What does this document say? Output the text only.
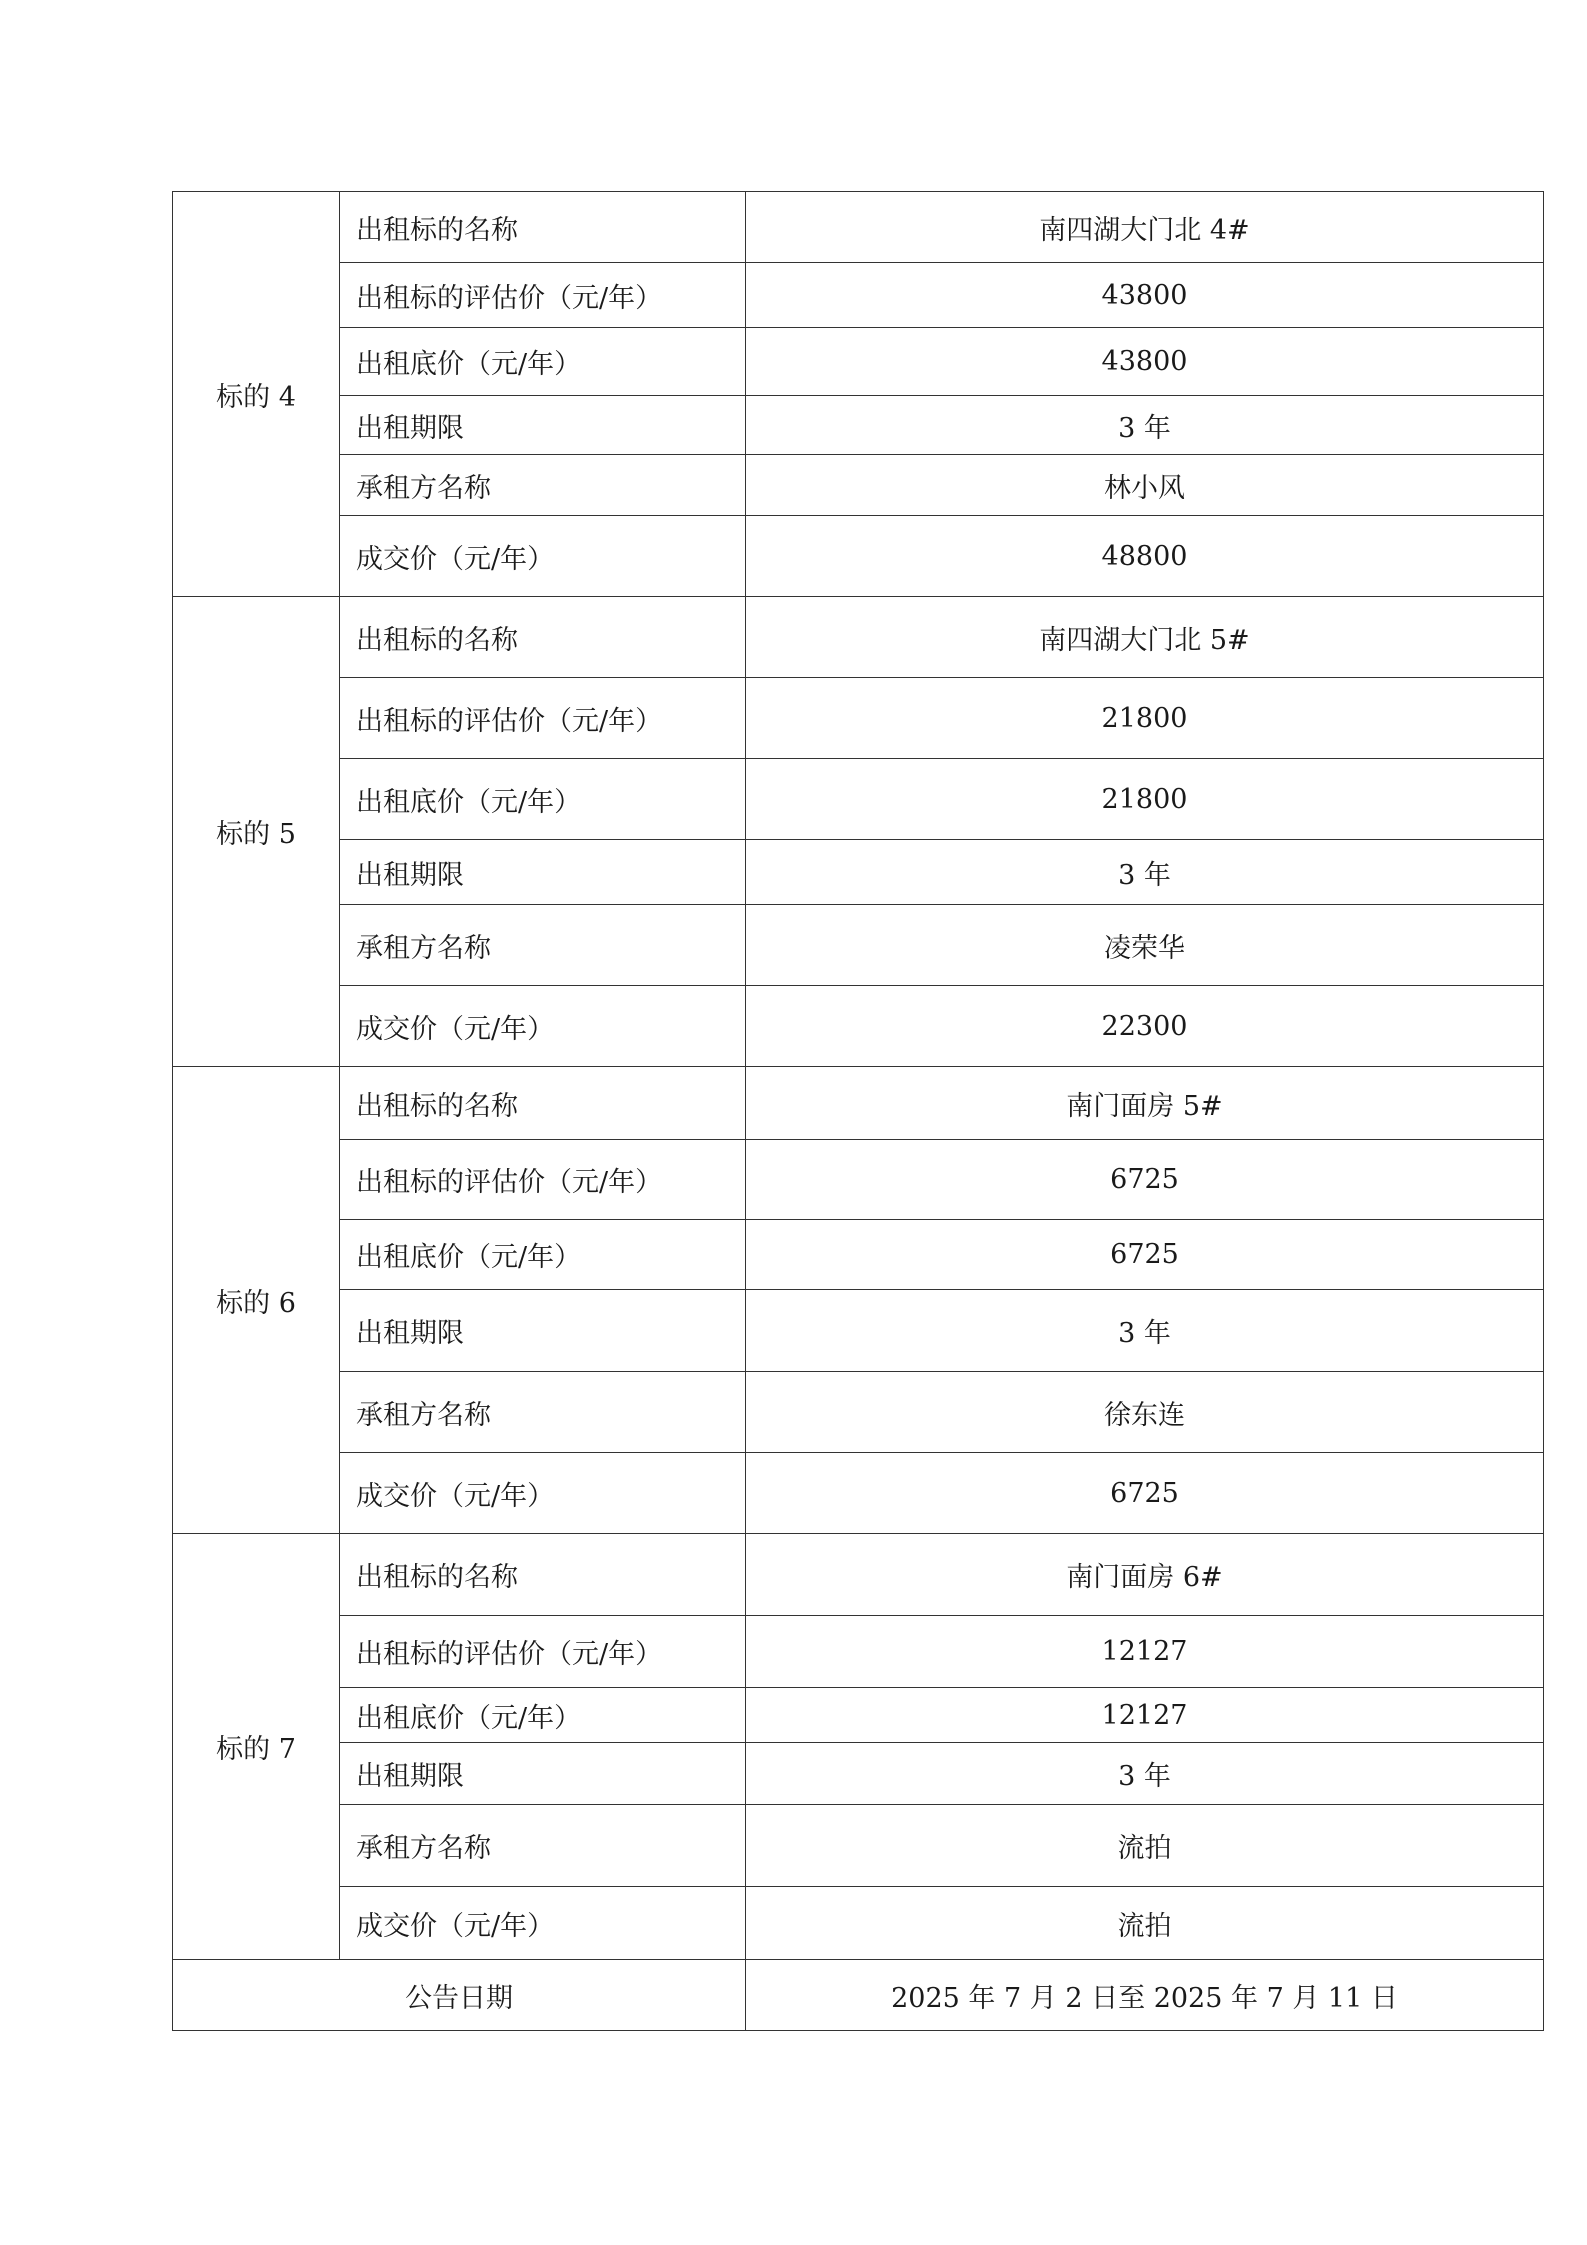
标的 4	出租标的名称	南四湖大门北 4#
	出租标的评估价（元/年）	43800
	出租底价（元/年）	43800
	出租期限	3 年
	承租方名称	林小风
	成交价（元/年）	48800
标的 5	出租标的名称	南四湖大门北 5#
	出租标的评估价（元/年）	21800
	出租底价（元/年）	21800
	出租期限	3 年
	承租方名称	凌荣华
	成交价（元/年）	22300
标的 6	出租标的名称	南门面房 5#
	出租标的评估价（元/年）	6725
	出租底价（元/年）	6725
	出租期限	3 年
	承租方名称	徐东连
	成交价（元/年）	6725
标的 7	出租标的名称	南门面房 6#
	出租标的评估价（元/年）	12127
	出租底价（元/年）	12127
	出租期限	3 年
	承租方名称	流拍
	成交价（元/年）	流拍
公告日期		2025 年 7 月 2 日至 2025 年 7 月 11 日
